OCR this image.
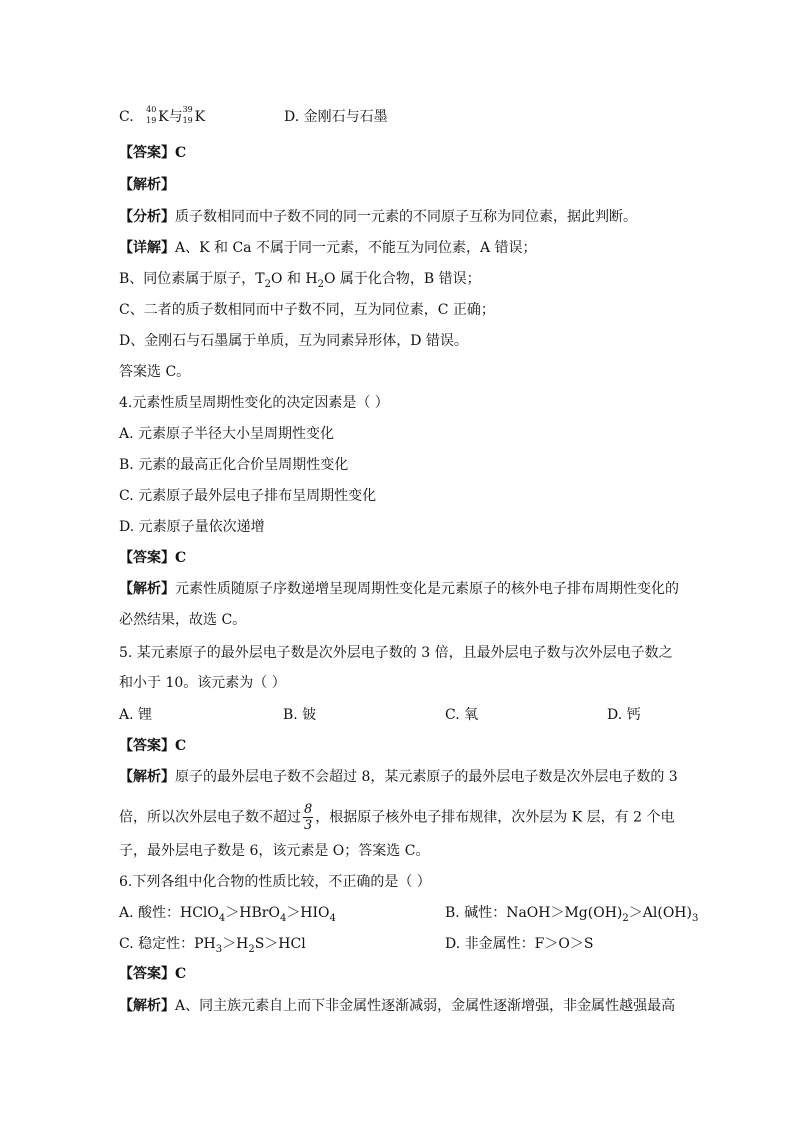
C. 40
19 K与 39
19 K	D. 金刚石与石墨
【答案】C
【解析】
【分析】质子数相同而中子数不同的同一元素的不同原子互称为同位素，据此判断。
【详解】A、K 和 Ca 不属于同一元素，不能互为同位素，A 错误；
B、同位素属于原子，$T_2O$ 和 $H_2O$ 属于化合物，B 错误；
C、二者的质子数相同而中子数不同，互为同位素，C 正确；
D、金刚石与石墨属于单质，互为同素异形体，D 错误。
答案选 C。
4.元素性质呈周期性变化的决定因素是（ ）
A. 元素原子半径大小呈周期性变化
B. 元素的最高正化合价呈周期性变化
C. 元素原子最外层电子排布呈周期性变化
D. 元素原子量依次递增
【答案】C
【解析】元素性质随原子序数递增呈现周期性变化是元素原子的核外电子排布周期性变化的
必然结果，故选 C。
5. 某元素原子的最外层电子数是次外层电子数的 3 倍，且最外层电子数与次外层电子数之
和小于 10。该元素为（ ）
A. 锂	B. 铍	C. 氧	D. 钙
【答案】C
【解析】原子的最外层电子数不会超过 8，某元素原子的最外层电子数是次外层电子数的 3
倍，所以次外层电子数不超过 $\frac{8}{3}$ ，根据原子核外电子排布规律，次外层为 K 层，有 2 个电
子，最外层电子数是 6，该元素是 O；答案选 C。
6.下列各组中化合物的性质比较，不正确的是（ ）
A. 酸性：$HClO_4>HBrO_4>HIO_4$	B. 碱性：$NaOH>Mg(OH)_2>Al(OH)_3$
C. 稳定性：$PH_3>H_2S>HCl$	D. 非金属性：F＞O＞S
【答案】C
【解析】A、同主族元素自上而下非金属性逐渐减弱，金属性逐渐增强，非金属性越强最高
